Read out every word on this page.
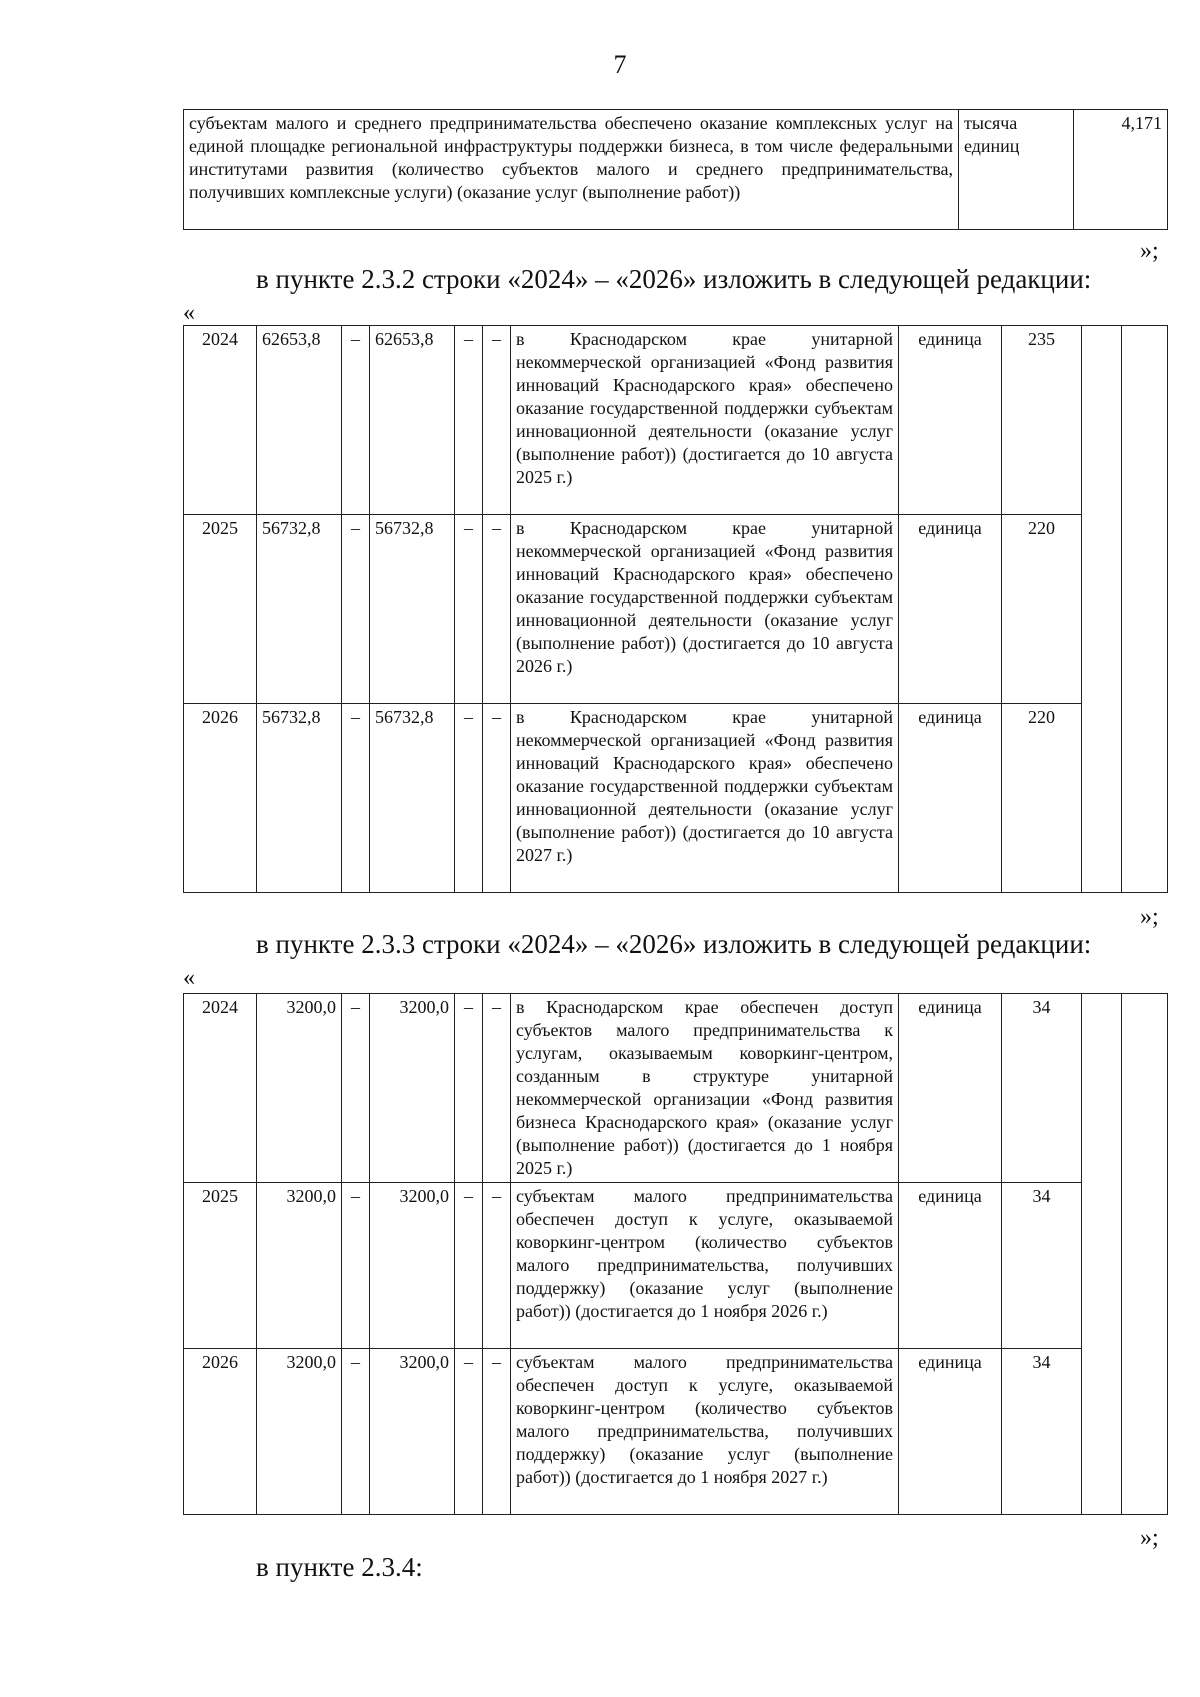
7
субъектам малого и среднего предпринимательства обеспечено оказание комплексных услуг на единой площадке региональной инфраструктуры поддержки бизнеса, в том числе федеральными институтами развития (количество субъектов малого и среднего предпринимательства, получивших комплексные услуги) (оказание услуг (выполнение работ))	тысяча единиц	4,171
»;
в пункте 2.3.2 строки «2024» – «2026» изложить в следующей редакции:
«
2024	62653,8	–	62653,8	–	–	в Краснодарском крае унитарной некоммерческой организацией «Фонд развития инноваций Краснодарского края» обеспечено оказание государственной поддержки субъектам инновационной деятельности (оказание услуг (выполнение работ)) (достигается до 10 августа 2025 г.)	единица	235		
2025	56732,8	–	56732,8	–	–	в Краснодарском крае унитарной некоммерческой организацией «Фонд развития инноваций Краснодарского края» обеспечено оказание государственной поддержки субъектам инновационной деятельности (оказание услуг (выполнение работ)) (достигается до 10 августа 2026 г.)	единица	220		
2026	56732,8	–	56732,8	–	–	в Краснодарском крае унитарной некоммерческой организацией «Фонд развития инноваций Краснодарского края» обеспечено оказание государственной поддержки субъектам инновационной деятельности (оказание услуг (выполнение работ)) (достигается до 10 августа 2027 г.)	единица	220		
»;
в пункте 2.3.3 строки «2024» – «2026» изложить в следующей редакции:
«
2024	3200,0	–	3200,0	–	–	в Краснодарском крае обеспечен доступ субъектов малого предпринимательства к услугам, оказываемым коворкинг-центром, созданным в структуре унитарной некоммерческой организации «Фонд развития бизнеса Краснодарского края» (оказание услуг (выполнение работ)) (достигается до 1 ноября 2025 г.)	единица	34		
2025	3200,0	–	3200,0	–	–	субъектам малого предпринимательства обеспечен доступ к услуге, оказываемой коворкинг-центром (количество субъектов малого предпринимательства, получивших поддержку) (оказание услуг (выполнение работ)) (достигается до 1 ноября 2026 г.)	единица	34		
2026	3200,0	–	3200,0	–	–	субъектам малого предпринимательства обеспечен доступ к услуге, оказываемой коворкинг-центром (количество субъектов малого предпринимательства, получивших поддержку) (оказание услуг (выполнение работ)) (достигается до 1 ноября 2027 г.)	единица	34		
»;
в пункте 2.3.4:
